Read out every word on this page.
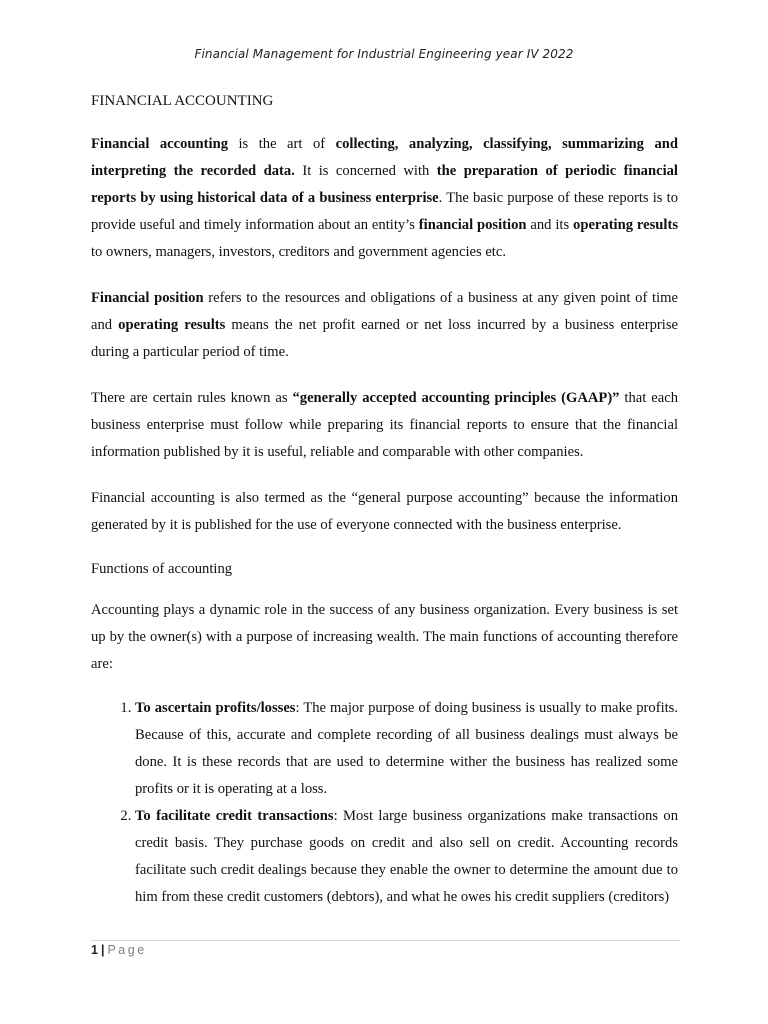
Financial Management for Industrial Engineering year IV 2022
FINANCIAL ACCOUNTING

Financial accounting is the art of collecting, analyzing, classifying, summarizing and interpreting the recorded data. It is concerned with the preparation of periodic financial reports by using historical data of a business enterprise. The basic purpose of these reports is to provide useful and timely information about an entity’s financial position and its operating results to owners, managers, investors, creditors and government agencies etc.

Financial position refers to the resources and obligations of a business at any given point of time and operating results means the net profit earned or net loss incurred by a business enterprise during a particular period of time.

There are certain rules known as “generally accepted accounting principles (GAAP)” that each business enterprise must follow while preparing its financial reports to ensure that the financial information published by it is useful, reliable and comparable with other companies.

Financial accounting is also termed as the “general purpose accounting” because the information generated by it is published for the use of everyone connected with the business enterprise.

Functions of accounting

Accounting plays a dynamic role in the success of any business organization. Every business is set up by the owner(s) with a purpose of increasing wealth. The main functions of accounting therefore are:

1. To ascertain profits/losses: The major purpose of doing business is usually to make profits. Because of this, accurate and complete recording of all business dealings must always be done. It is these records that are used to determine wither the business has realized some profits or it is operating at a loss.
2. To facilitate credit transactions: Most large business organizations make transactions on credit basis. They purchase goods on credit and also sell on credit. Accounting records facilitate such credit dealings because they enable the owner to determine the amount due to him from these credit customers (debtors), and what he owes his credit suppliers (creditors)
1 | Page
